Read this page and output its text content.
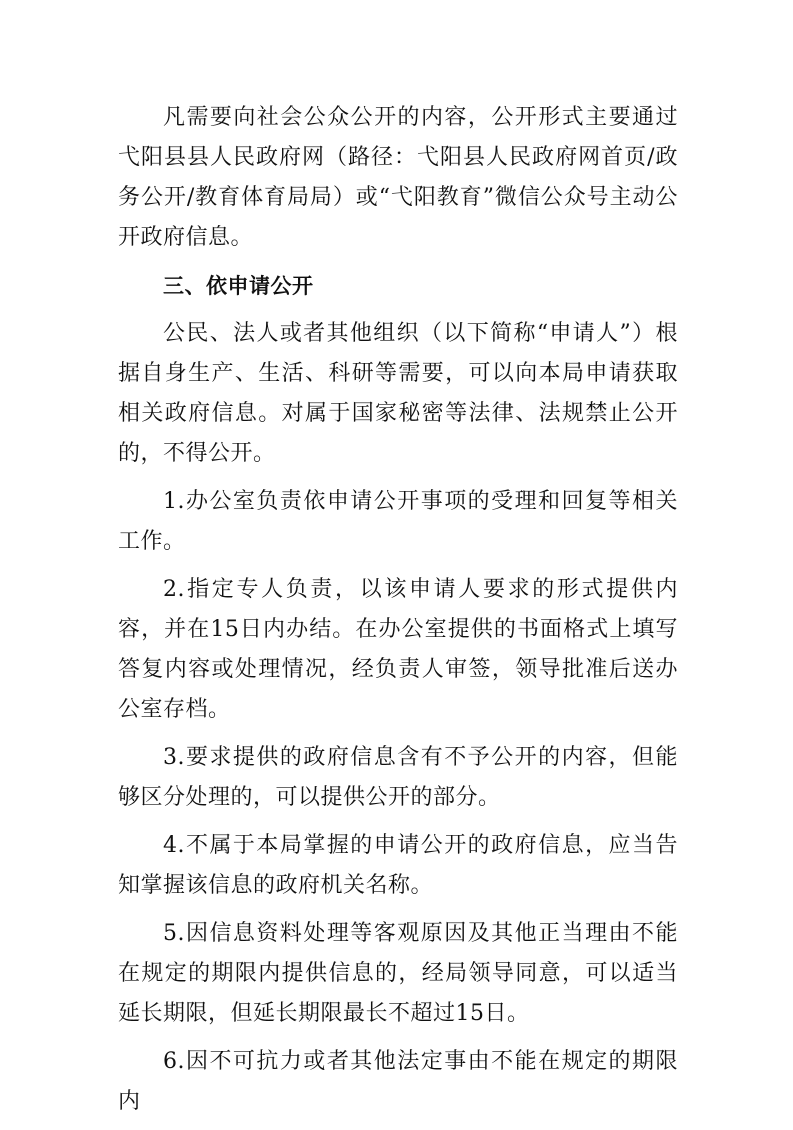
凡需要向社会公众公开的内容，公开形式主要通过弋阳县县人民政府网（路径：弋阳县人民政府网首页/政务公开/教育体育局局）或“弋阳教育”微信公众号主动公开政府信息。

三、依申请公开

公民、法人或者其他组织（以下简称“申请人”）根据自身生产、生活、科研等需要，可以向本局申请获取相关政府信息。对属于国家秘密等法律、法规禁止公开的，不得公开。

1.办公室负责依申请公开事项的受理和回复等相关工作。

2.指定专人负责，以该申请人要求的形式提供内容，并在15日内办结。在办公室提供的书面格式上填写答复内容或处理情况，经负责人审签，领导批准后送办公室存档。

3.要求提供的政府信息含有不予公开的内容，但能够区分处理的，可以提供公开的部分。

4.不属于本局掌握的申请公开的政府信息，应当告知掌握该信息的政府机关名称。

5.因信息资料处理等客观原因及其他正当理由不能在规定的期限内提供信息的，经局领导同意，可以适当延长期限，但延长期限最长不超过15日。

6.因不可抗力或者其他法定事由不能在规定的期限内
